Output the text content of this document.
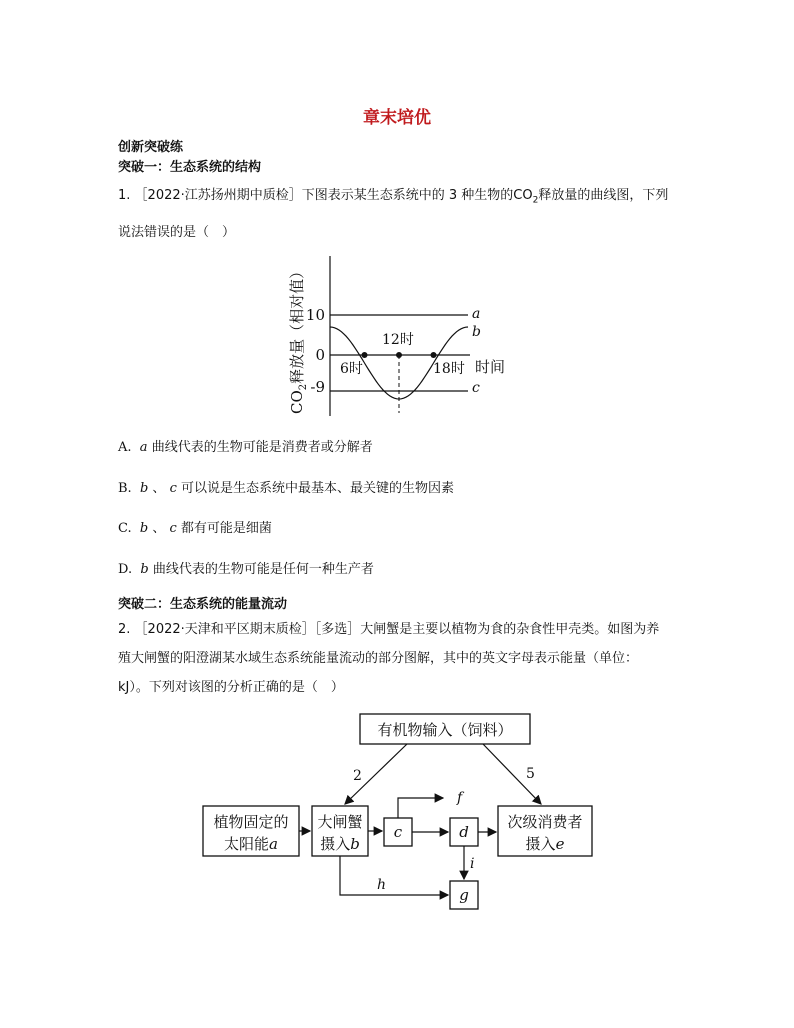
章末培优
创新突破练
突破一：生态系统的结构
1. ［2022·江苏扬州期中质检］下图表示某生态系统中的 3 种生物的$CO_2$释放量的曲线图，下列
说法错误的是（　）
$CO_2$释放量（相对值） 10
0
-9
6时
12时
18时 时间
a
b
c
A. a 曲线代表的生物可能是消费者或分解者
B. b 、 c 可以说是生态系统中最基本、最关键的生物因素
C. b 、 c 都有可能是细菌
D. b 曲线代表的生物可能是任何一种生产者
突破二：生态系统的能量流动
2. ［2022·天津和平区期末质检］［多选］大闸蟹是主要以植物为食的杂食性甲壳类。如图为养
殖大闸蟹的阳澄湖某水域生态系统能量流动的部分图解，其中的英文字母表示能量（单位：
kJ）。下列对该图的分析正确的是（　）
有机物输入（饲料）
植物固定的
太阳能a
大闸蟹
摄入b
c	d
次级消费者
摄入e
g
2	5
f
i
h
